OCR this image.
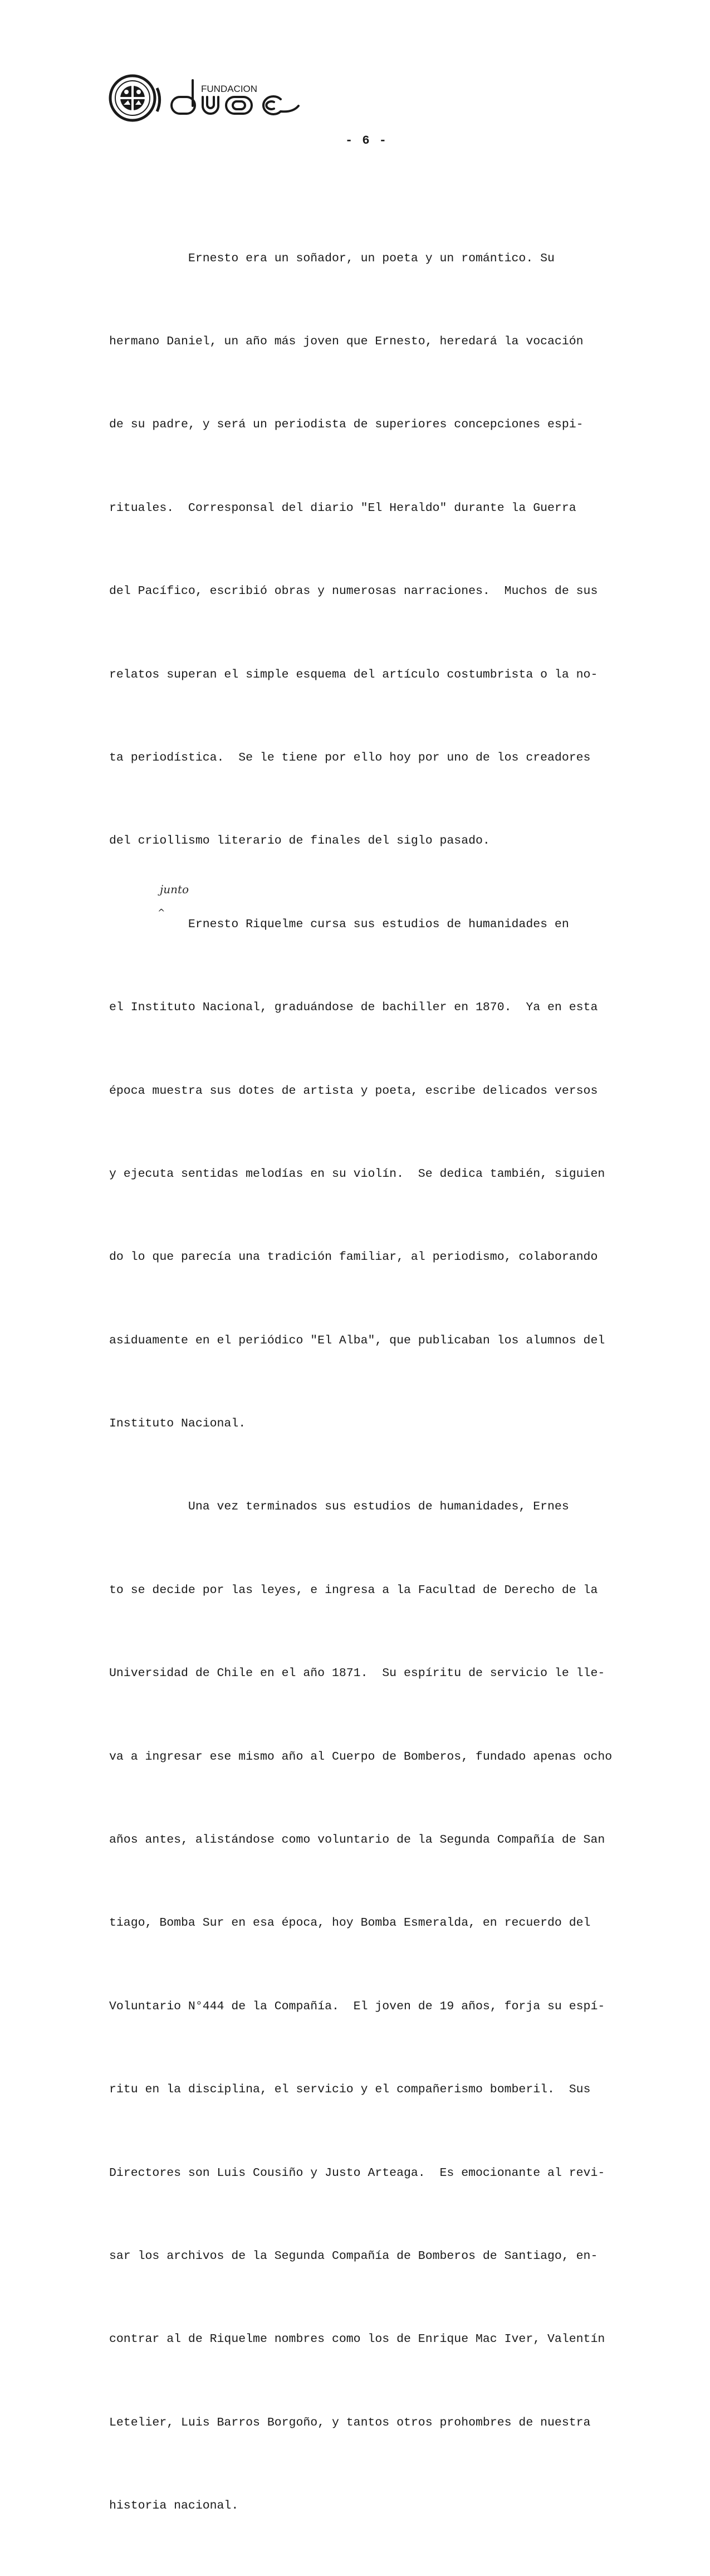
FUNDACION
- 6 -

Ernesto era un soñador, un poeta y un romántico. Su

hermano Daniel, un año más joven que Ernesto, heredará la vocación

de su padre, y será un periodista de superiores concepciones espi-

rituales.  Corresponsal del diario "El Heraldo" durante la Guerra

del Pacífico, escribió obras y numerosas narraciones.  Muchos de sus

relatos superan el simple esquema del artículo costumbrista o la no-

ta periodística.  Se le tiene por ello hoy por uno de los creadores

del criollismo literario de finales del siglo pasado.

Ernesto Riquelme cursa sus estudios de humanidades en

el Instituto Nacional, graduándose de bachiller en 1870.  Ya en esta

época muestra sus dotes de artista y poeta, escribe delicados versos

y ejecuta sentidas melodías en su violín.  Se dedica también, siguien

do lo que parecía una tradición familiar, al periodismo, colaborando

asiduamente en el periódico "El Alba", que publicaban los alumnos del

Instituto Nacional.

Una vez terminados sus estudios de humanidades, Ernes

to se decide por las leyes, e ingresa a la Facultad de Derecho de la

Universidad de Chile en el año 1871.  Su espíritu de servicio le lle-

va a ingresar ese mismo año al Cuerpo de Bomberos, fundado apenas ocho

años antes, alistándose como voluntario de la Segunda Compañía de San

tiago, Bomba Sur en esa época, hoy Bomba Esmeralda, en recuerdo del

Voluntario N°444 de la Compañía.  El joven de 19 años, forja su espí-

ritu en la disciplina, el servicio y el compañerismo bomberil.  Sus

Directores son Luis Cousiño y Justo Arteaga.  Es emocionante al revi-

sar los archivos de la Segunda Compañía de Bomberos de Santiago, en-

contrar al de Riquelme nombres como los de Enrique Mac Iver, Valentín

Letelier, Luis Barros Borgoño, y tantos otros prohombres de nuestra

historia nacional.

junto
^
